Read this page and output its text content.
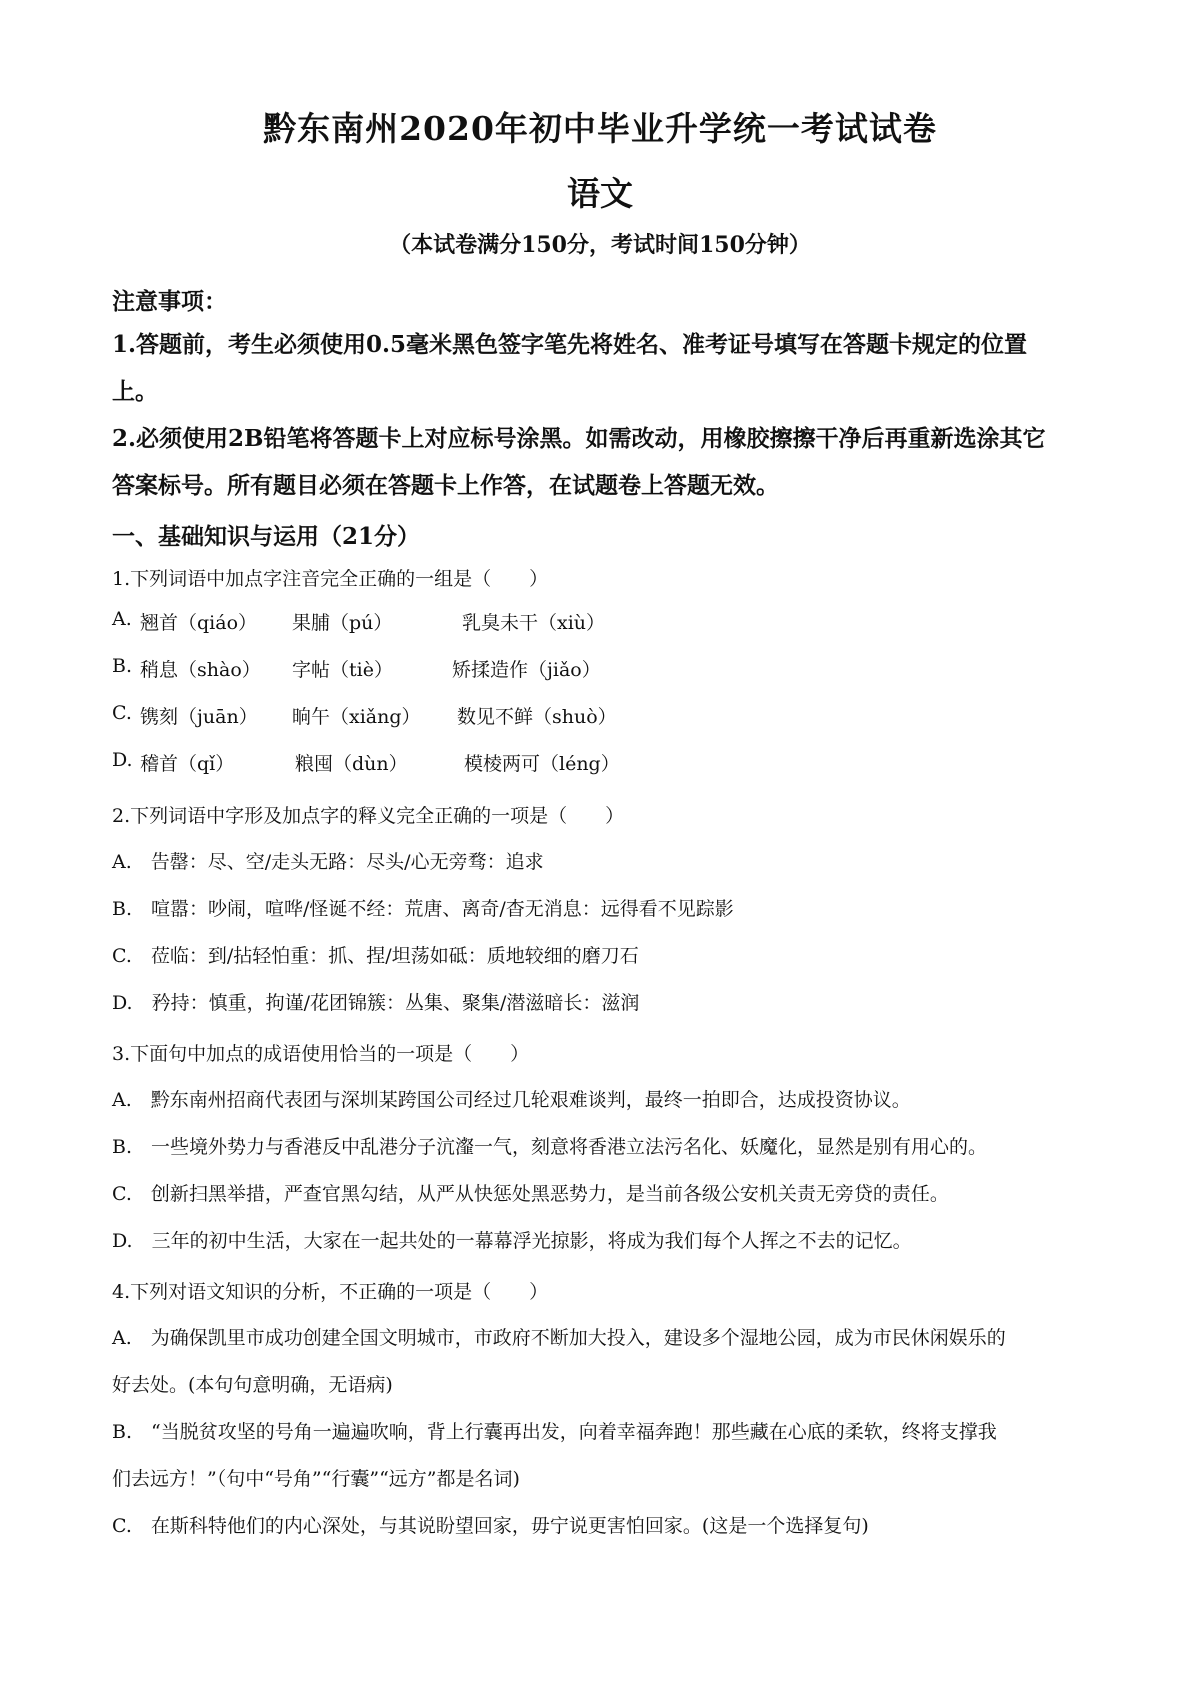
黔东南州2020年初中毕业升学统一考试试卷
语文
（本试卷满分150分，考试时间150分钟）
注意事项：
1.答题前，考生必须使用0.5毫米黑色签字笔先将姓名、准考证号填写在答题卡规定的位置
上。
2.必须使用2B铅笔将答题卡上对应标号涂黑。如需改动，用橡胶擦擦干净后再重新选涂其它
答案标号。所有题目必须在答题卡上作答，在试题卷上答题无效。
一、基础知识与运用（21分）
1.下列词语中加点字注音完全正确的一组是（　　）
A. 翘首（qiáo） 果脯（pú）	乳臭未干（xiù）
B. 稍息（shào） 字帖（tiè）	矫揉造作（jiǎo）
C. 镌刻（juān） 晌午（xiǎng） 数见不鲜（shuò）
D. 稽首（qǐ）	粮囤（dùn）	模棱两可（léng）
2.下列词语中字形及加点字的释义完全正确的一项是（　　）
A.　告罄：尽、空/走头无路：尽头/心无旁骛：追求
B.　喧嚣：吵闹，喧哗/怪诞不经：荒唐、离奇/杳无消息：远得看不见踪影
C.　莅临：到/拈轻怕重：抓、捏/坦荡如砥：质地较细的磨刀石
D.　矜持：慎重，拘谨/花团锦簇：丛集、聚集/潜滋暗长：滋润
3.下面句中加点的成语使用恰当的一项是（　　）
A.　黔东南州招商代表团与深圳某跨国公司经过几轮艰难谈判，最终一拍即合，达成投资协议。
B.　一些境外势力与香港反中乱港分子沆瀣一气，刻意将香港立法污名化、妖魔化，显然是别有用心的。
C.　创新扫黑举措，严查官黑勾结，从严从快惩处黑恶势力，是当前各级公安机关责无旁贷的责任。
D.　三年的初中生活，大家在一起共处的一幕幕浮光掠影，将成为我们每个人挥之不去的记忆。
4.下列对语文知识的分析，不正确的一项是（　　）
A.　为确保凯里市成功创建全国文明城市，市政府不断加大投入，建设多个湿地公园，成为市民休闲娱乐的
好去处。(本句句意明确，无语病)
B.　“当脱贫攻坚的号角一遍遍吹响，背上行囊再出发，向着幸福奔跑！那些藏在心底的柔软，终将支撑我
们去远方！”（句中“号角”“行囊”“远方”都是名词)
C.　在斯科特他们的内心深处，与其说盼望回家，毋宁说更害怕回家。(这是一个选择复句)
